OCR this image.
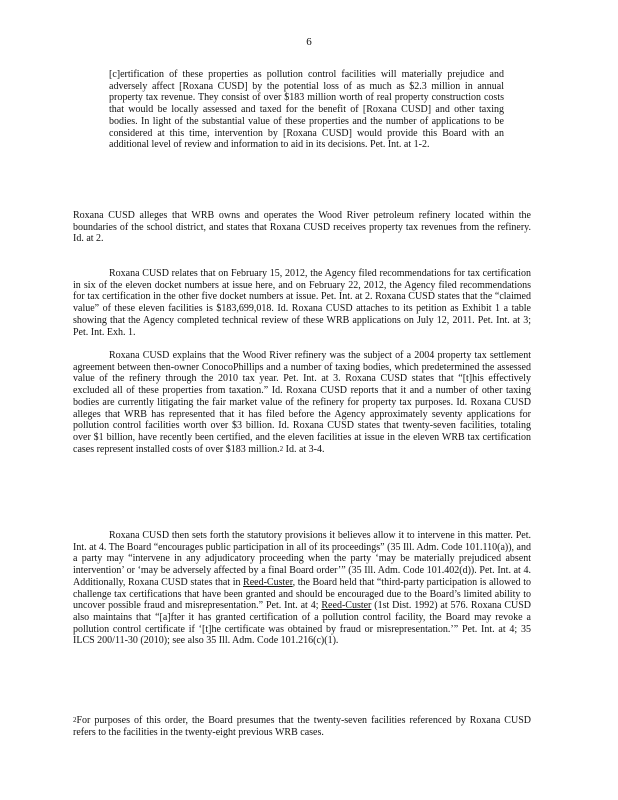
6

[c]ertification of these properties as pollution control facilities will materially prejudice and adversely affect [Roxana CUSD] by the potential loss of as much as $2.3 million in annual property tax revenue. They consist of over $183 million worth of real property construction costs that would be locally assessed and taxed for the benefit of [Roxana CUSD] and other taxing bodies. In light of the substantial value of these properties and the number of applications to be considered at this time, intervention by [Roxana CUSD] would provide this Board with an additional level of review and information to aid in its decisions. Pet. Int. at 1-2.

Roxana CUSD alleges that WRB owns and operates the Wood River petroleum refinery located within the boundaries of the school district, and states that Roxana CUSD receives property tax revenues from the refinery. Id. at 2.

Roxana CUSD relates that on February 15, 2012, the Agency filed recommendations for tax certification in six of the eleven docket numbers at issue here, and on February 22, 2012, the Agency filed recommendations for tax certification in the other five docket numbers at issue. Pet. Int. at 2. Roxana CUSD states that the “claimed value” of these eleven facilities is $183,699,018. Id. Roxana CUSD attaches to its petition as Exhibit 1 a table showing that the Agency completed technical review of these WRB applications on July 12, 2011. Pet. Int. at 3; Pet. Int. Exh. 1.

Roxana CUSD explains that the Wood River refinery was the subject of a 2004 property tax settlement agreement between then-owner ConocoPhillips and a number of taxing bodies, which predetermined the assessed value of the refinery through the 2010 tax year. Pet. Int. at 3. Roxana CUSD states that “[t]his effectively excluded all of these properties from taxation.” Id. Roxana CUSD reports that it and a number of other taxing bodies are currently litigating the fair market value of the refinery for property tax purposes. Id. Roxana CUSD alleges that WRB has represented that it has filed before the Agency approximately seventy applications for pollution control facilities worth over $3 billion. Id. Roxana CUSD states that twenty-seven facilities, totaling over $1 billion, have recently been certified, and the eleven facilities at issue in the eleven WRB tax certification cases represent installed costs of over $183 million.$^2$ Id. at 3-4.

Roxana CUSD then sets forth the statutory provisions it believes allow it to intervene in this matter. Pet. Int. at 4. The Board “encourages public participation in all of its proceedings” (35 Ill. Adm. Code 101.110(a)), and a party may “intervene in any adjudicatory proceeding when the party ‘may be materially prejudiced absent intervention’ or ‘may be adversely affected by a final Board order’” (35 Ill. Adm. Code 101.402(d)). Pet. Int. at 4. Additionally, Roxana CUSD states that in Reed-Custer, the Board held that “third-party participation is allowed to challenge tax certifications that have been granted and should be encouraged due to the Board’s limited ability to uncover possible fraud and misrepresentation.” Pet. Int. at 4; Reed-Custer (1st Dist. 1992) at 576. Roxana CUSD also maintains that “[a]fter it has granted certification of a pollution control facility, the Board may revoke a pollution control certificate if ‘[t]he certificate was obtained by fraud or misrepresentation.’” Pet. Int. at 4; 35 ILCS 200/11-30 (2010); see also 35 Ill. Adm. Code 101.216(c)(1).

$^2$For purposes of this order, the Board presumes that the twenty-seven facilities referenced by Roxana CUSD refers to the facilities in the twenty-eight previous WRB cases.
